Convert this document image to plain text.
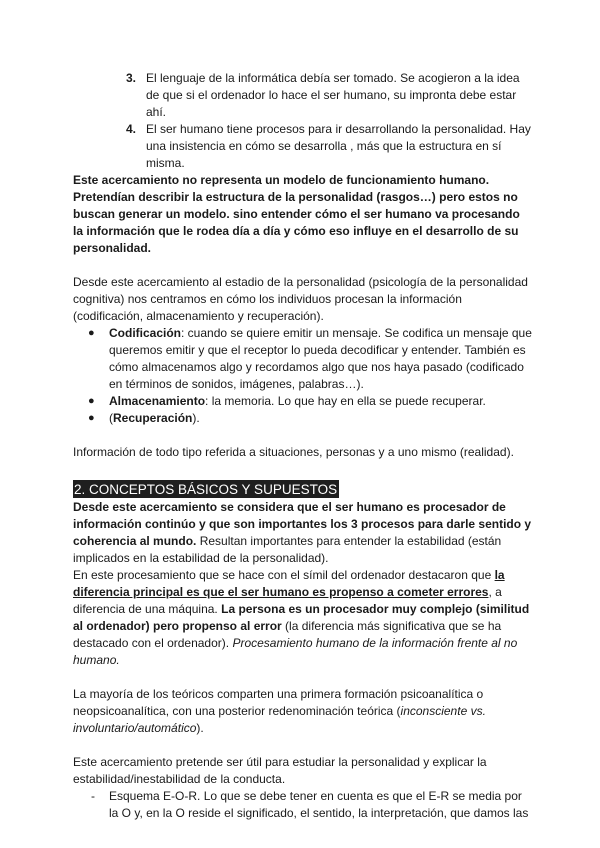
3. El lenguaje de la informática debía ser tomado. Se acogieron a la idea de que si el ordenador lo hace el ser humano, su impronta debe estar ahí.
4. El ser humano tiene procesos para ir desarrollando la personalidad. Hay una insistencia en cómo se desarrolla , más que la estructura en sí misma.

Este acercamiento no representa un modelo de funcionamiento humano. Pretendían describir la estructura de la personalidad (rasgos…) pero estos no buscan generar un modelo. sino entender cómo el ser humano va procesando la información que le rodea día a día y cómo eso influye en el desarrollo de su personalidad.

Desde este acercamiento al estadio de la personalidad (psicología de la personalidad cognitiva) nos centramos en cómo los individuos procesan la información (codificación, almacenamiento y recuperación).

● Codificación: cuando se quiere emitir un mensaje. Se codifica un mensaje que queremos emitir y que el receptor lo pueda decodificar y entender. También es cómo almacenamos algo y recordamos algo que nos haya pasado (codificado en términos de sonidos, imágenes, palabras…).
● Almacenamiento: la memoria. Lo que hay en ella se puede recuperar.
● (Recuperación).

Información de todo tipo referida a situaciones, personas y a uno mismo (realidad).

2. CONCEPTOS BÁSICOS Y SUPUESTOS

Desde este acercamiento se considera que el ser humano es procesador de información continúo y que son importantes los 3 procesos para darle sentido y coherencia al mundo. Resultan importantes para entender la estabilidad (están implicados en la estabilidad de la personalidad).

En este procesamiento que se hace con el símil del ordenador destacaron que la diferencia principal es que el ser humano es propenso a cometer errores, a diferencia de una máquina. La persona es un procesador muy complejo (similitud al ordenador) pero propenso al error (la diferencia más significativa que se ha destacado con el ordenador). Procesamiento humano de la información frente al no humano.

La mayoría de los teóricos comparten una primera formación psicoanalítica o neopsicoanalítica, con una posterior redenominación teórica (inconsciente vs. involuntario/automático).

Este acercamiento pretende ser útil para estudiar la personalidad y explicar la estabilidad/inestabilidad de la conducta.

- Esquema E-O-R. Lo que se debe tener en cuenta es que el E-R se media por la O y, en la O reside el significado, el sentido, la interpretación, que damos las
